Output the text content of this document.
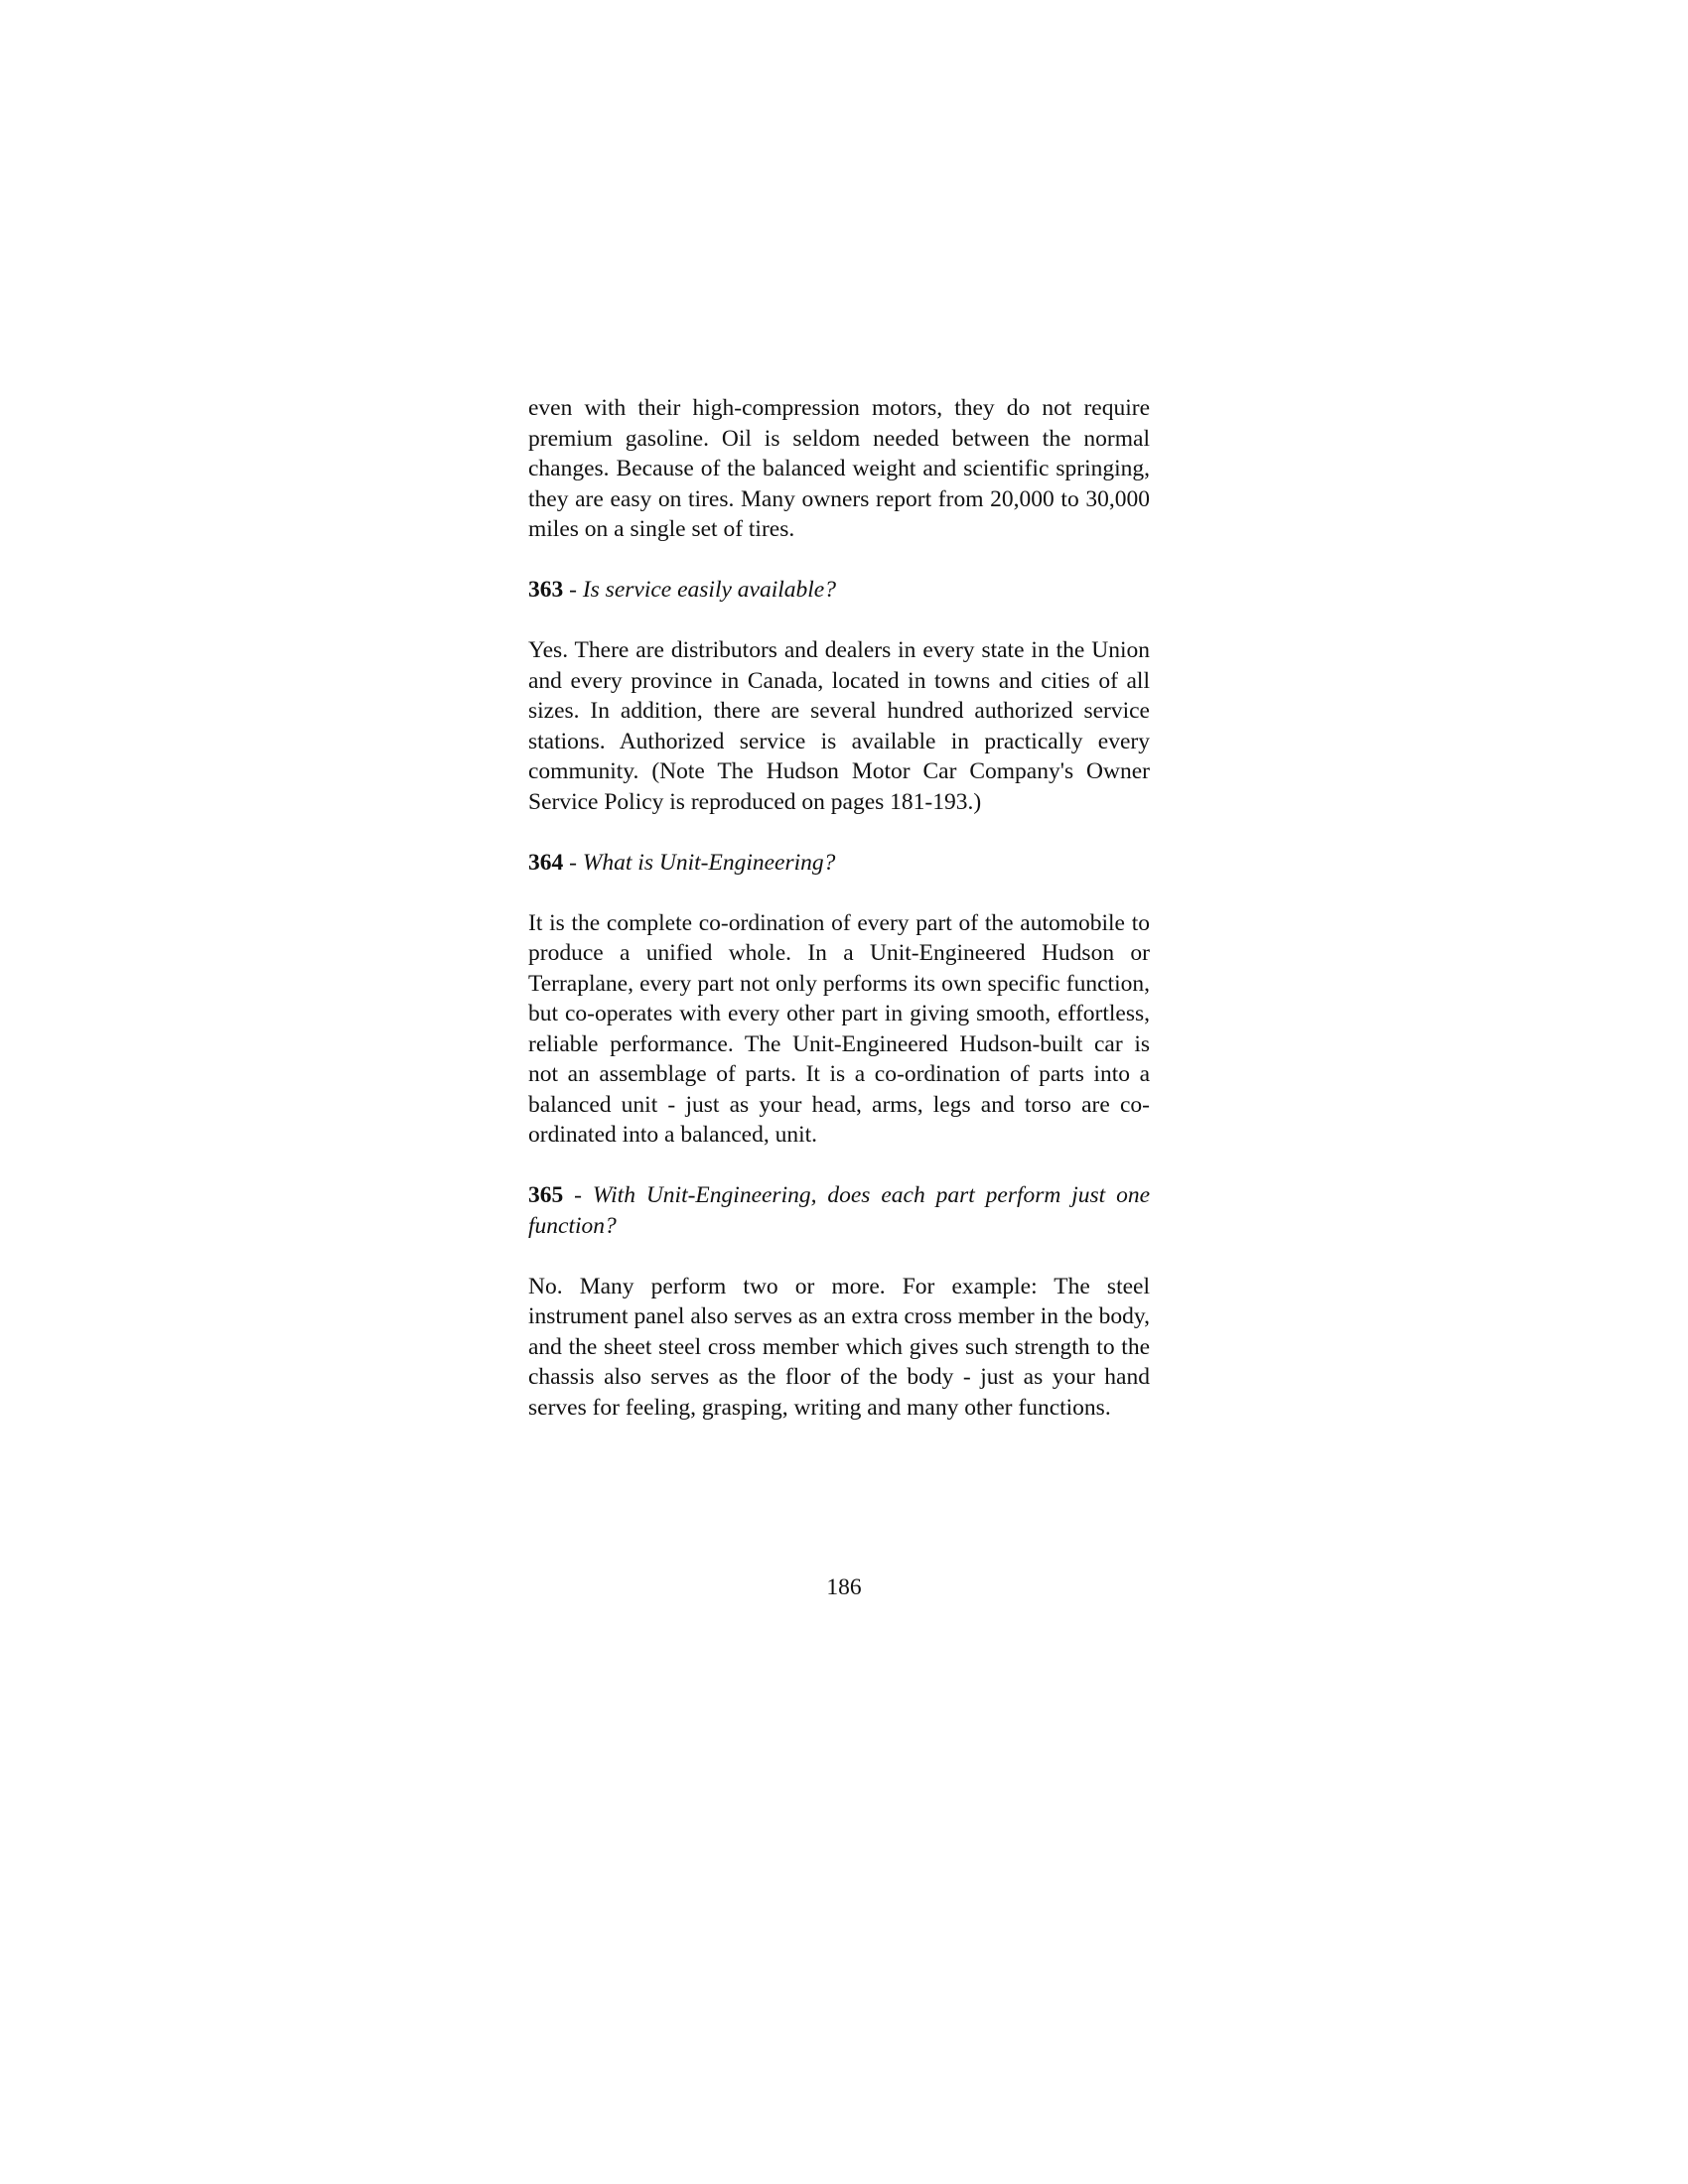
even with their high-compression motors, they do not require premium gasoline. Oil is seldom needed between the normal changes. Because of the balanced weight and scientific springing, they are easy on tires. Many owners report from 20,000 to 30,000 miles on a single set of tires.

363 - Is service easily available?

Yes. There are distributors and dealers in every state in the Union and every province in Canada, located in towns and cities of all sizes. In addition, there are several hundred authorized service stations. Authorized service is available in practically every community. (Note The Hudson Motor Car Company's Owner Service Policy is reproduced on pages 181-193.)

364 - What is Unit-Engineering?

It is the complete co-ordination of every part of the automobile to produce a unified whole. In a Unit-Engineered Hudson or Terraplane, every part not only performs its own specific function, but co-operates with every other part in giving smooth, effortless, reliable performance. The Unit-Engineered Hudson-built car is not an assemblage of parts. It is a co-ordination of parts into a balanced unit - just as your head, arms, legs and torso are co-ordinated into a balanced, unit.

365 - With Unit-Engineering, does each part perform just one function?

No. Many perform two or more. For example: The steel instrument panel also serves as an extra cross member in the body, and the sheet steel cross member which gives such strength to the chassis also serves as the floor of the body - just as your hand serves for feeling, grasping, writing and many other functions.

186
